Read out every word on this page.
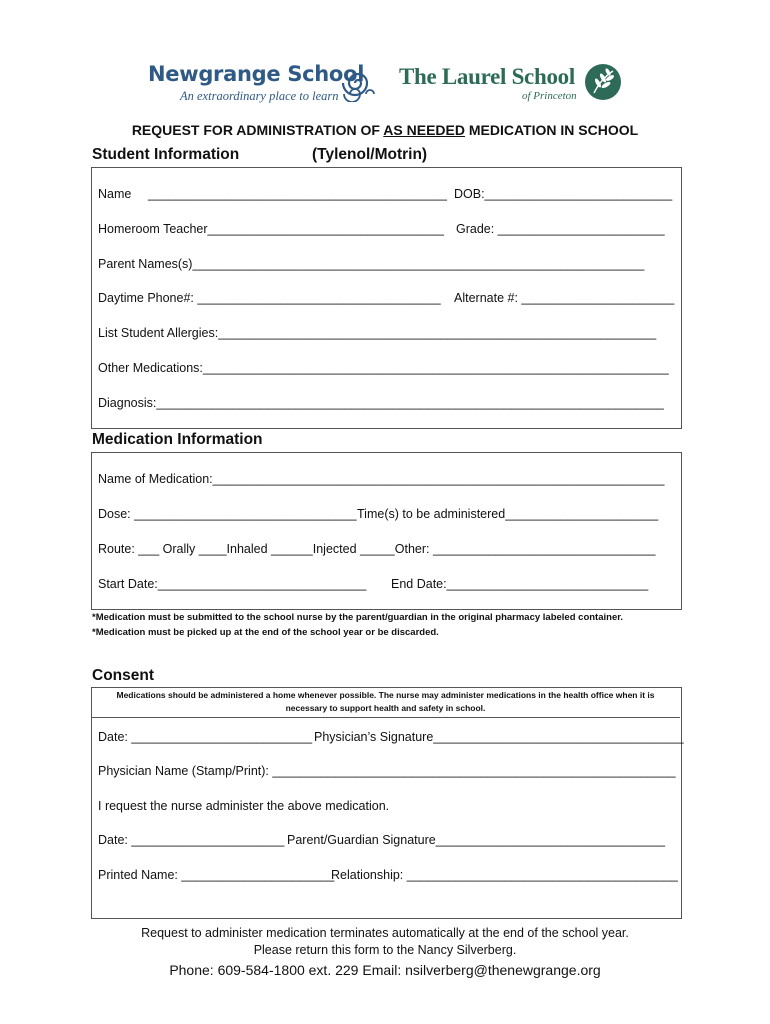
Newgrange School
An extraordinary place to learn
The Laurel School
of Princeton
REQUEST FOR ADMINISTRATION OF AS NEEDED MEDICATION IN SCHOOL
Student Information	(Tylenol/Motrin)
Name ___________________________________________ DOB:___________________________
Homeroom Teacher__________________________________ Grade: ________________________
Parent Names(s)_________________________________________________________________
Daytime Phone#: ___________________________________ Alternate #: ______________________
List Student Allergies:_______________________________________________________________
Other Medications:___________________________________________________________________
Diagnosis:_________________________________________________________________________
Medication Information
Name of Medication:_________________________________________________________________
Dose: ________________________________ Time(s) to be administered______________________
Route: ___ Orally ____Inhaled ______Injected _____Other: ________________________________
Start Date:______________________________ End Date:_____________________________
*Medication must be submitted to the school nurse by the parent/guardian in the original pharmacy labeled container.
*Medication must be picked up at the end of the school year or be discarded.
Consent
Medications should be administered a home whenever possible. The nurse may administer medications in the health office when it is
necessary to support health and safety in school.
Date: __________________________ Physician’s Signature____________________________________
Physician Name (Stamp/Print): __________________________________________________________
I request the nurse administer the above medication.
Date: ______________________ Parent/Guardian Signature_________________________________
Printed Name: ______________________
Relationship: _______________________________________
Request to administer medication terminates automatically at the end of the school year.
Please return this form to the Nancy Silverberg.
Phone: 609-584-1800 ext. 229 Email: nsilverberg@thenewgrange.org
